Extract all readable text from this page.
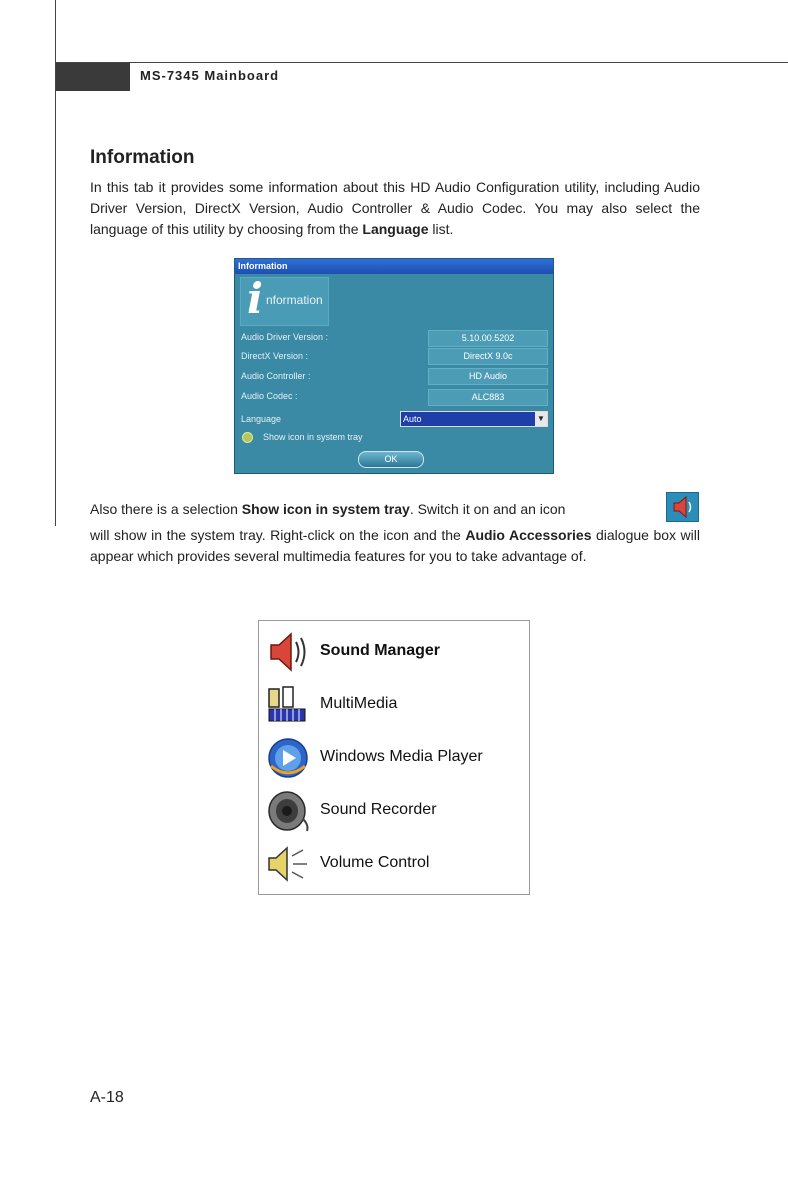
MS-7345 Mainboard
Information
In this tab it provides some information about this HD Audio Configuration utility, including Audio Driver Version, DirectX Version, Audio Controller & Audio Codec. You may also select the language of this utility by choosing from the Language list.
Information
i nformation
Audio Driver Version :	5.10.00.5202
DirectX Version :	DirectX 9.0c
Audio Controller :	HD Audio
Audio Codec :	ALC883
Language	Auto	▼
Show icon in system tray
OK
Also there is a selection Show icon in system tray. Switch it on and an icon
will show in the system tray. Right-click on the icon and the Audio Accessories dialogue box will appear which provides several multimedia features for you to take advantage of.
Sound Manager
MultiMedia
Windows Media Player
Sound Recorder
Volume Control
A-18
